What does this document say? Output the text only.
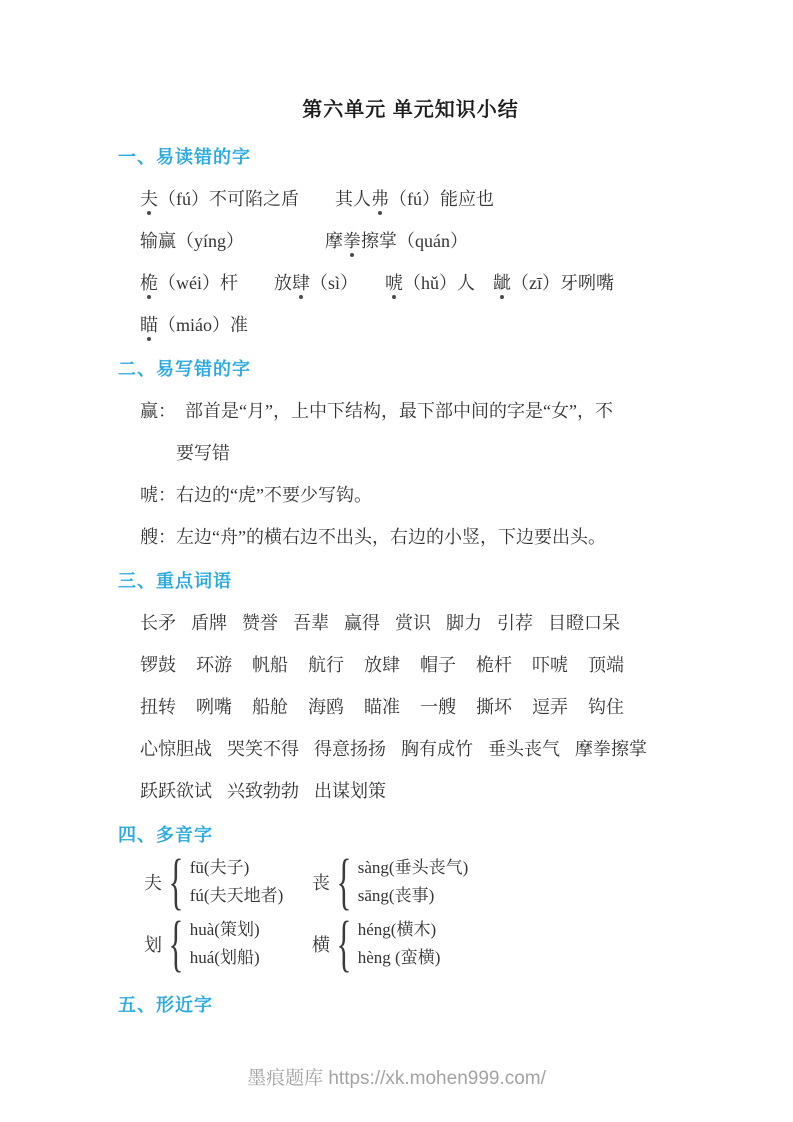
第六单元 单元知识小结
一、易读错的字
夫（fú）不可陷之盾　　其人弗（fú）能应也
输赢（yíng）　　　　　摩拳擦掌（quán）
桅（wéi）杆　　放肆（sì）　　唬（hǔ）人　龇（zī）牙咧嘴
瞄（miáo）准
二、易写错的字
赢：　部首是“月”，上中下结构，最下部中间的字是“女”，不
要写错
唬：右边的“虎”不要少写钩。
艘：左边“舟”的横右边不出头，右边的小竖，下边要出头。
三、重点词语
长矛 盾牌 赞誉 吾辈 赢得 赏识 脚力 引荐 目瞪口呆
锣鼓 环游 帆船 航行 放肆 帽子 桅杆 吓唬 顶端
扭转 咧嘴 船舱 海鸥 瞄准 一艘 撕坏 逗弄 钩住
心惊胆战 哭笑不得 得意扬扬 胸有成竹 垂头丧气 摩拳擦掌
跃跃欲试 兴致勃勃 出谋划策
四、多音字
夫 { fū(夫子)
fú(夫天地者)
丧 { sàng(垂头丧气)
sāng(丧事)
划 { huà(策划)
huá(划船)
横 { héng(横木)
hèng (蛮横)
五、形近字
墨痕题库 https://xk.mohen999.com/
